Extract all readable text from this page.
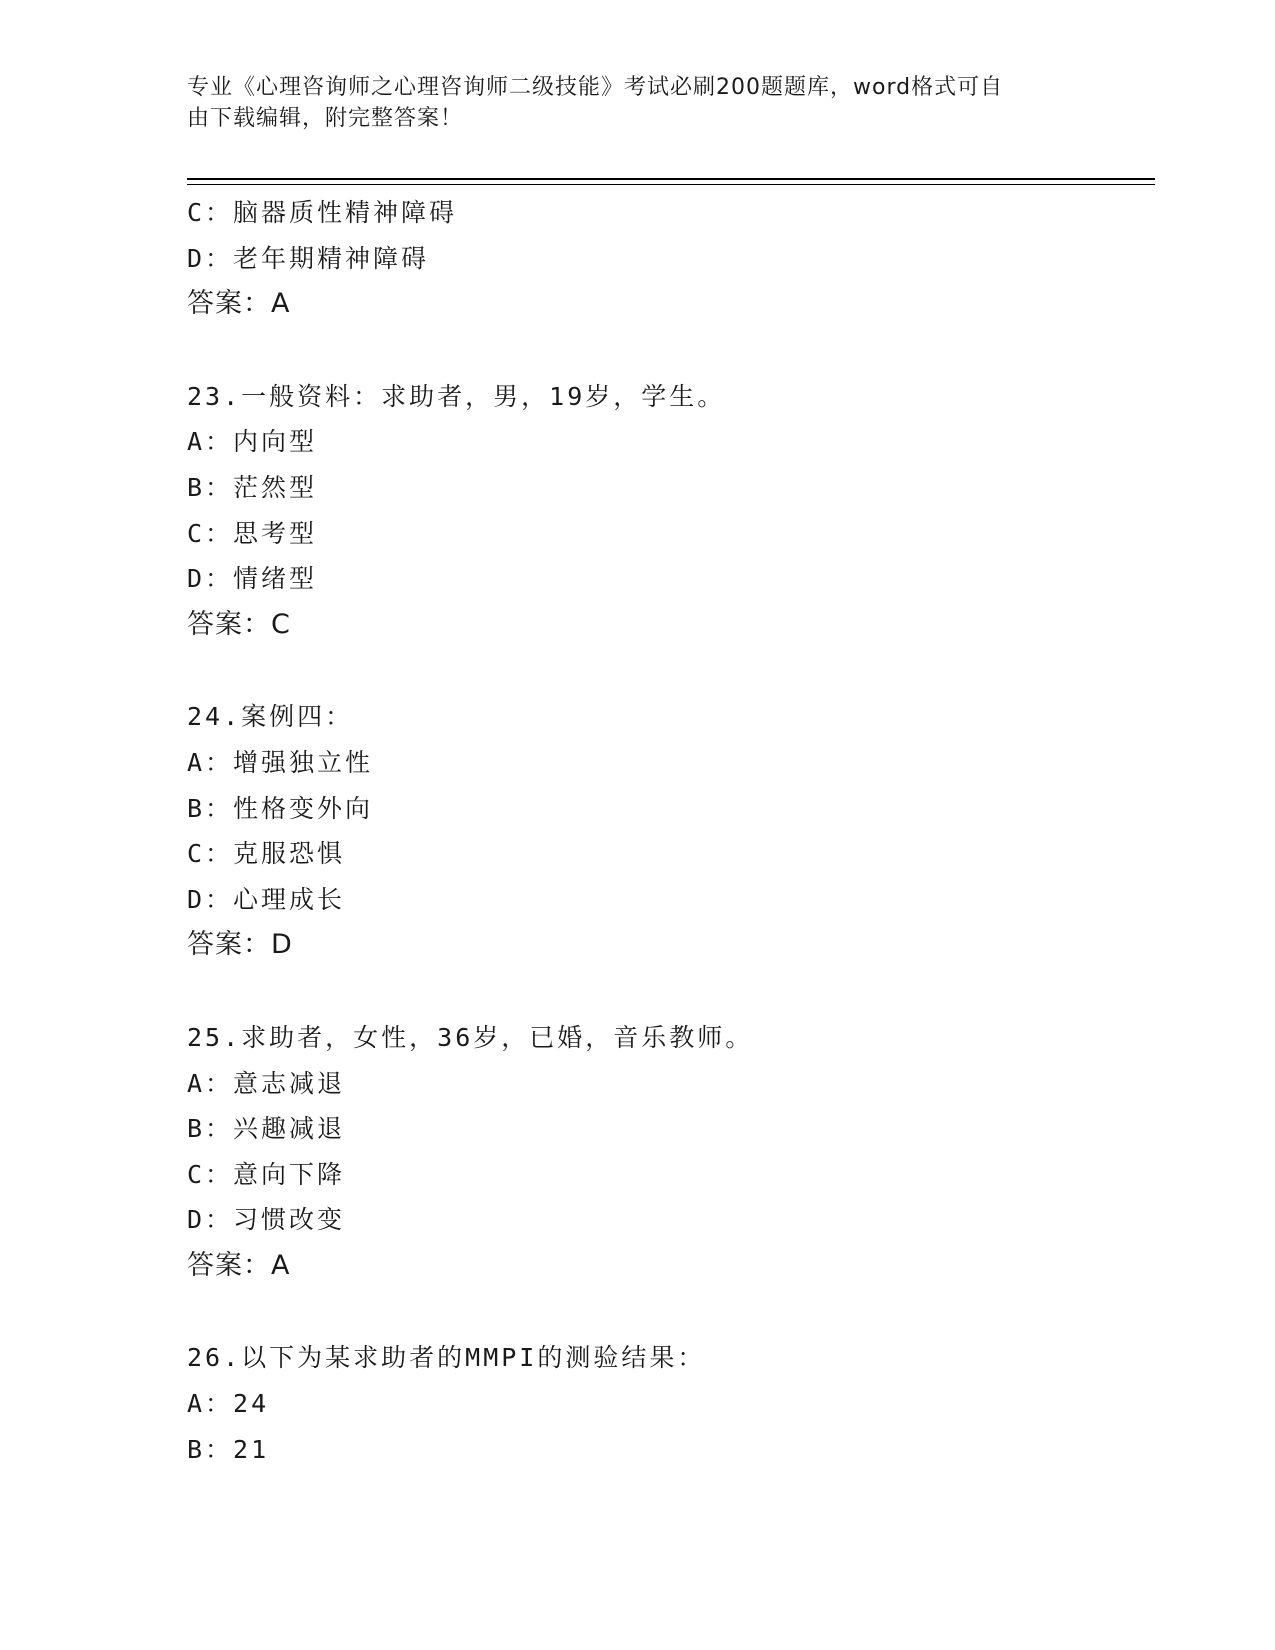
专业《心理咨询师之心理咨询师二级技能》考试必刷200题题库，word格式可自
由下载编辑，附完整答案！
C：脑器质性精神障碍
D：老年期精神障碍
答案：A
23.一般资料：求助者，男，19岁，学生。
A：内向型
B：茫然型
C：思考型
D：情绪型
答案：C
24.案例四：
A：增强独立性
B：性格变外向
C：克服恐惧
D：心理成长
答案：D
25.求助者，女性，36岁，已婚，音乐教师。
A：意志减退
B：兴趣减退
C：意向下降
D：习惯改变
答案：A
26.以下为某求助者的MMPI的测验结果：
A：24
B：21
